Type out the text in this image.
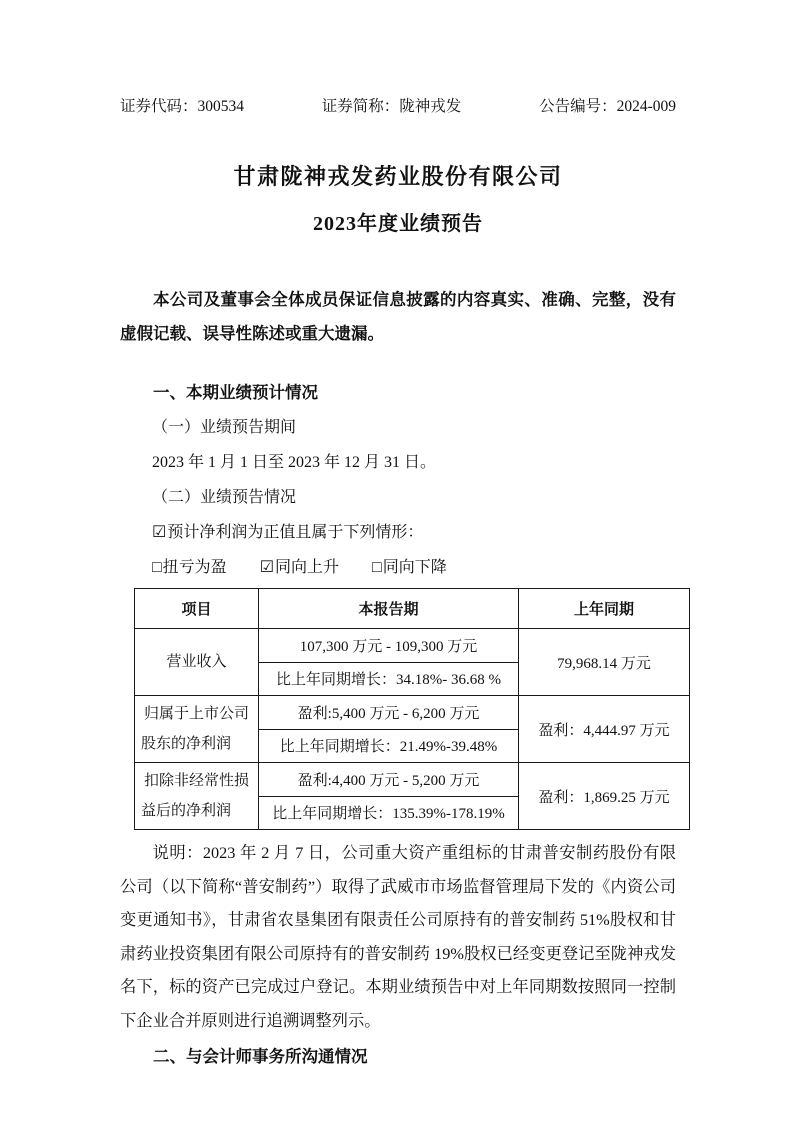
证券代码：300534	证券简称：陇神戎发	公告编号：2024-009
甘肃陇神戎发药业股份有限公司
2023年度业绩预告

本公司及董事会全体成员保证信息披露的内容真实、准确、完整，没有虚假记载、误导性陈述或重大遗漏。

一、本期业绩预计情况

（一）业绩预告期间

2023 年 1 月 1 日至 2023 年 12 月 31 日。

（二）业绩预告情况

☑预计净利润为正值且属于下列情形：

□扭亏为盈 ☑同向上升 □同向下降

项目	本报告期	上年同期
营业收入	107,300 万元 - 109,300 万元	79,968.14 万元
	比上年同期增长：34.18%- 36.68 %	
归属于上市公司股东的净利润	盈利:5,400 万元 - 6,200 万元	盈利：4,444.97 万元
	比上年同期增长：21.49%-39.48%	
扣除非经常性损益后的净利润	盈利:4,400 万元 - 5,200 万元	盈利：1,869.25 万元
	比上年同期增长：135.39%-178.19%	

说明：2023 年 2 月 7 日，公司重大资产重组标的甘肃普安制药股份有限公司（以下简称“普安制药”）取得了武威市市场监督管理局下发的《内资公司变更通知书》，甘肃省农垦集团有限责任公司原持有的普安制药 51%股权和甘肃药业投资集团有限公司原持有的普安制药 19%股权已经变更登记至陇神戎发名下，标的资产已完成过户登记。本期业绩预告中对上年同期数按照同一控制下企业合并原则进行追溯调整列示。

二、与会计师事务所沟通情况
